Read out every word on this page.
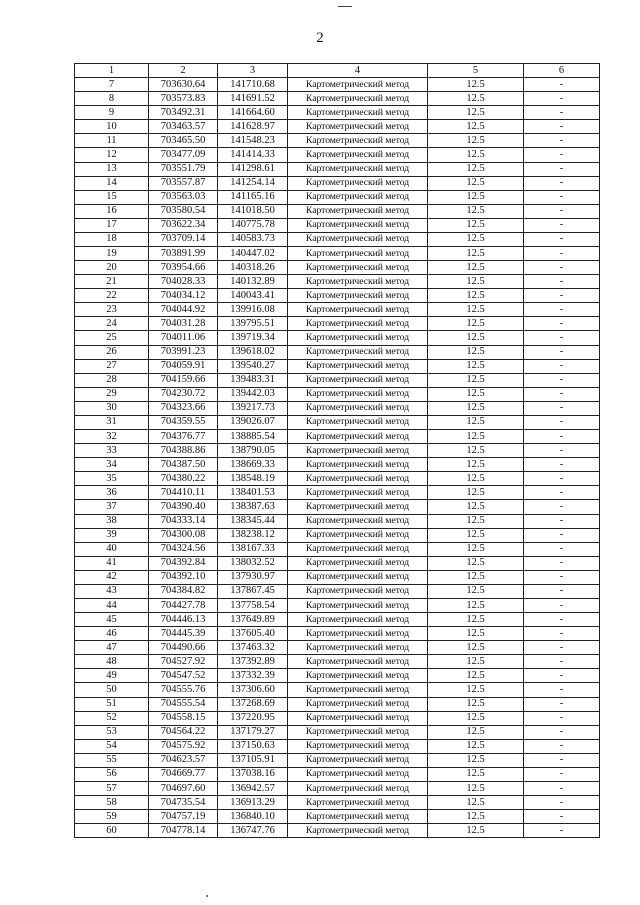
2
1	2	3	4	5	6
7	703630.64	141710.68	Картометрический метод	12.5	-
8	703573.83	141691.52	Картометрический метод	12.5	-
9	703492.31	141664.60	Картометрический метод	12.5	-
10	703463.57	141628.97	Картометрический метод	12.5	-
11	703465.50	141548.23	Картометрический метод	12.5	-
12	703477.09	141414.33	Картометрический метод	12.5	-
13	703551.79	141298.61	Картометрический метод	12.5	-
14	703557.87	141254.14	Картометрический метод	12.5	-
15	703563.03	141165.16	Картометрический метод	12.5	-
16	703580.54	141018.50	Картометрический метод	12.5	-
17	703622.34	140775.78	Картометрический метод	12.5	-
18	703709.14	140583.73	Картометрический метод	12.5	-
19	703891.99	140447.02	Картометрический метод	12.5	-
20	703954.66	140318.26	Картометрический метод	12.5	-
21	704028.33	140132.89	Картометрический метод	12.5	-
22	704034.12	140043.41	Картометрический метод	12.5	-
23	704044.92	139916.08	Картометрический метод	12.5	-
24	704031.28	139795.51	Картометрический метод	12.5	-
25	704011.06	139719.34	Картометрический метод	12.5	-
26	703991.23	139618.02	Картометрический метод	12.5	-
27	704059.91	139540.27	Картометрический метод	12.5	-
28	704159.66	139483.31	Картометрический метод	12.5	-
29	704230.72	139442.03	Картометрический метод	12.5	-
30	704323.66	139217.73	Картометрический метод	12.5	-
31	704359.55	139026.07	Картометрический метод	12.5	-
32	704376.77	138885.54	Картометрический метод	12.5	-
33	704388.86	138790.05	Картометрический метод	12.5	-
34	704387.50	138669.33	Картометрический метод	12.5	-
35	704380.22	138548.19	Картометрический метод	12.5	-
36	704410.11	138401.53	Картометрический метод	12.5	-
37	704390.40	138387.63	Картометрический метод	12.5	-
38	704333.14	138345.44	Картометрический метод	12.5	-
39	704300.08	138238.12	Картометрический метод	12.5	-
40	704324.56	138167.33	Картометрический метод	12.5	-
41	704392.84	138032.52	Картометрический метод	12.5	-
42	704392.10	137930.97	Картометрический метод	12.5	-
43	704384.82	137867.45	Картометрический метод	12.5	-
44	704427.78	137758.54	Картометрический метод	12.5	-
45	704446.13	137649.89	Картометрический метод	12.5	-
46	704445.39	137605.40	Картометрический метод	12.5	-
47	704490.66	137463.32	Картометрический метод	12.5	-
48	704527.92	137392.89	Картометрический метод	12.5	-
49	704547.52	137332.39	Картометрический метод	12.5	-
50	704555.76	137306.60	Картометрический метод	12.5	-
51	704555.54	137268.69	Картометрический метод	12.5	-
52	704558.15	137220.95	Картометрический метод	12.5	-
53	704564.22	137179.27	Картометрический метод	12.5	-
54	704575.92	137150.63	Картометрический метод	12.5	-
55	704623.57	137105.91	Картометрический метод	12.5	-
56	704669.77	137038.16	Картометрический метод	12.5	-
57	704697.60	136942.57	Картометрический метод	12.5	-
58	704735.54	136913.29	Картометрический метод	12.5	-
59	704757.19	136840.10	Картометрический метод	12.5	-
60	704778.14	136747.76	Картометрический метод	12.5	-
